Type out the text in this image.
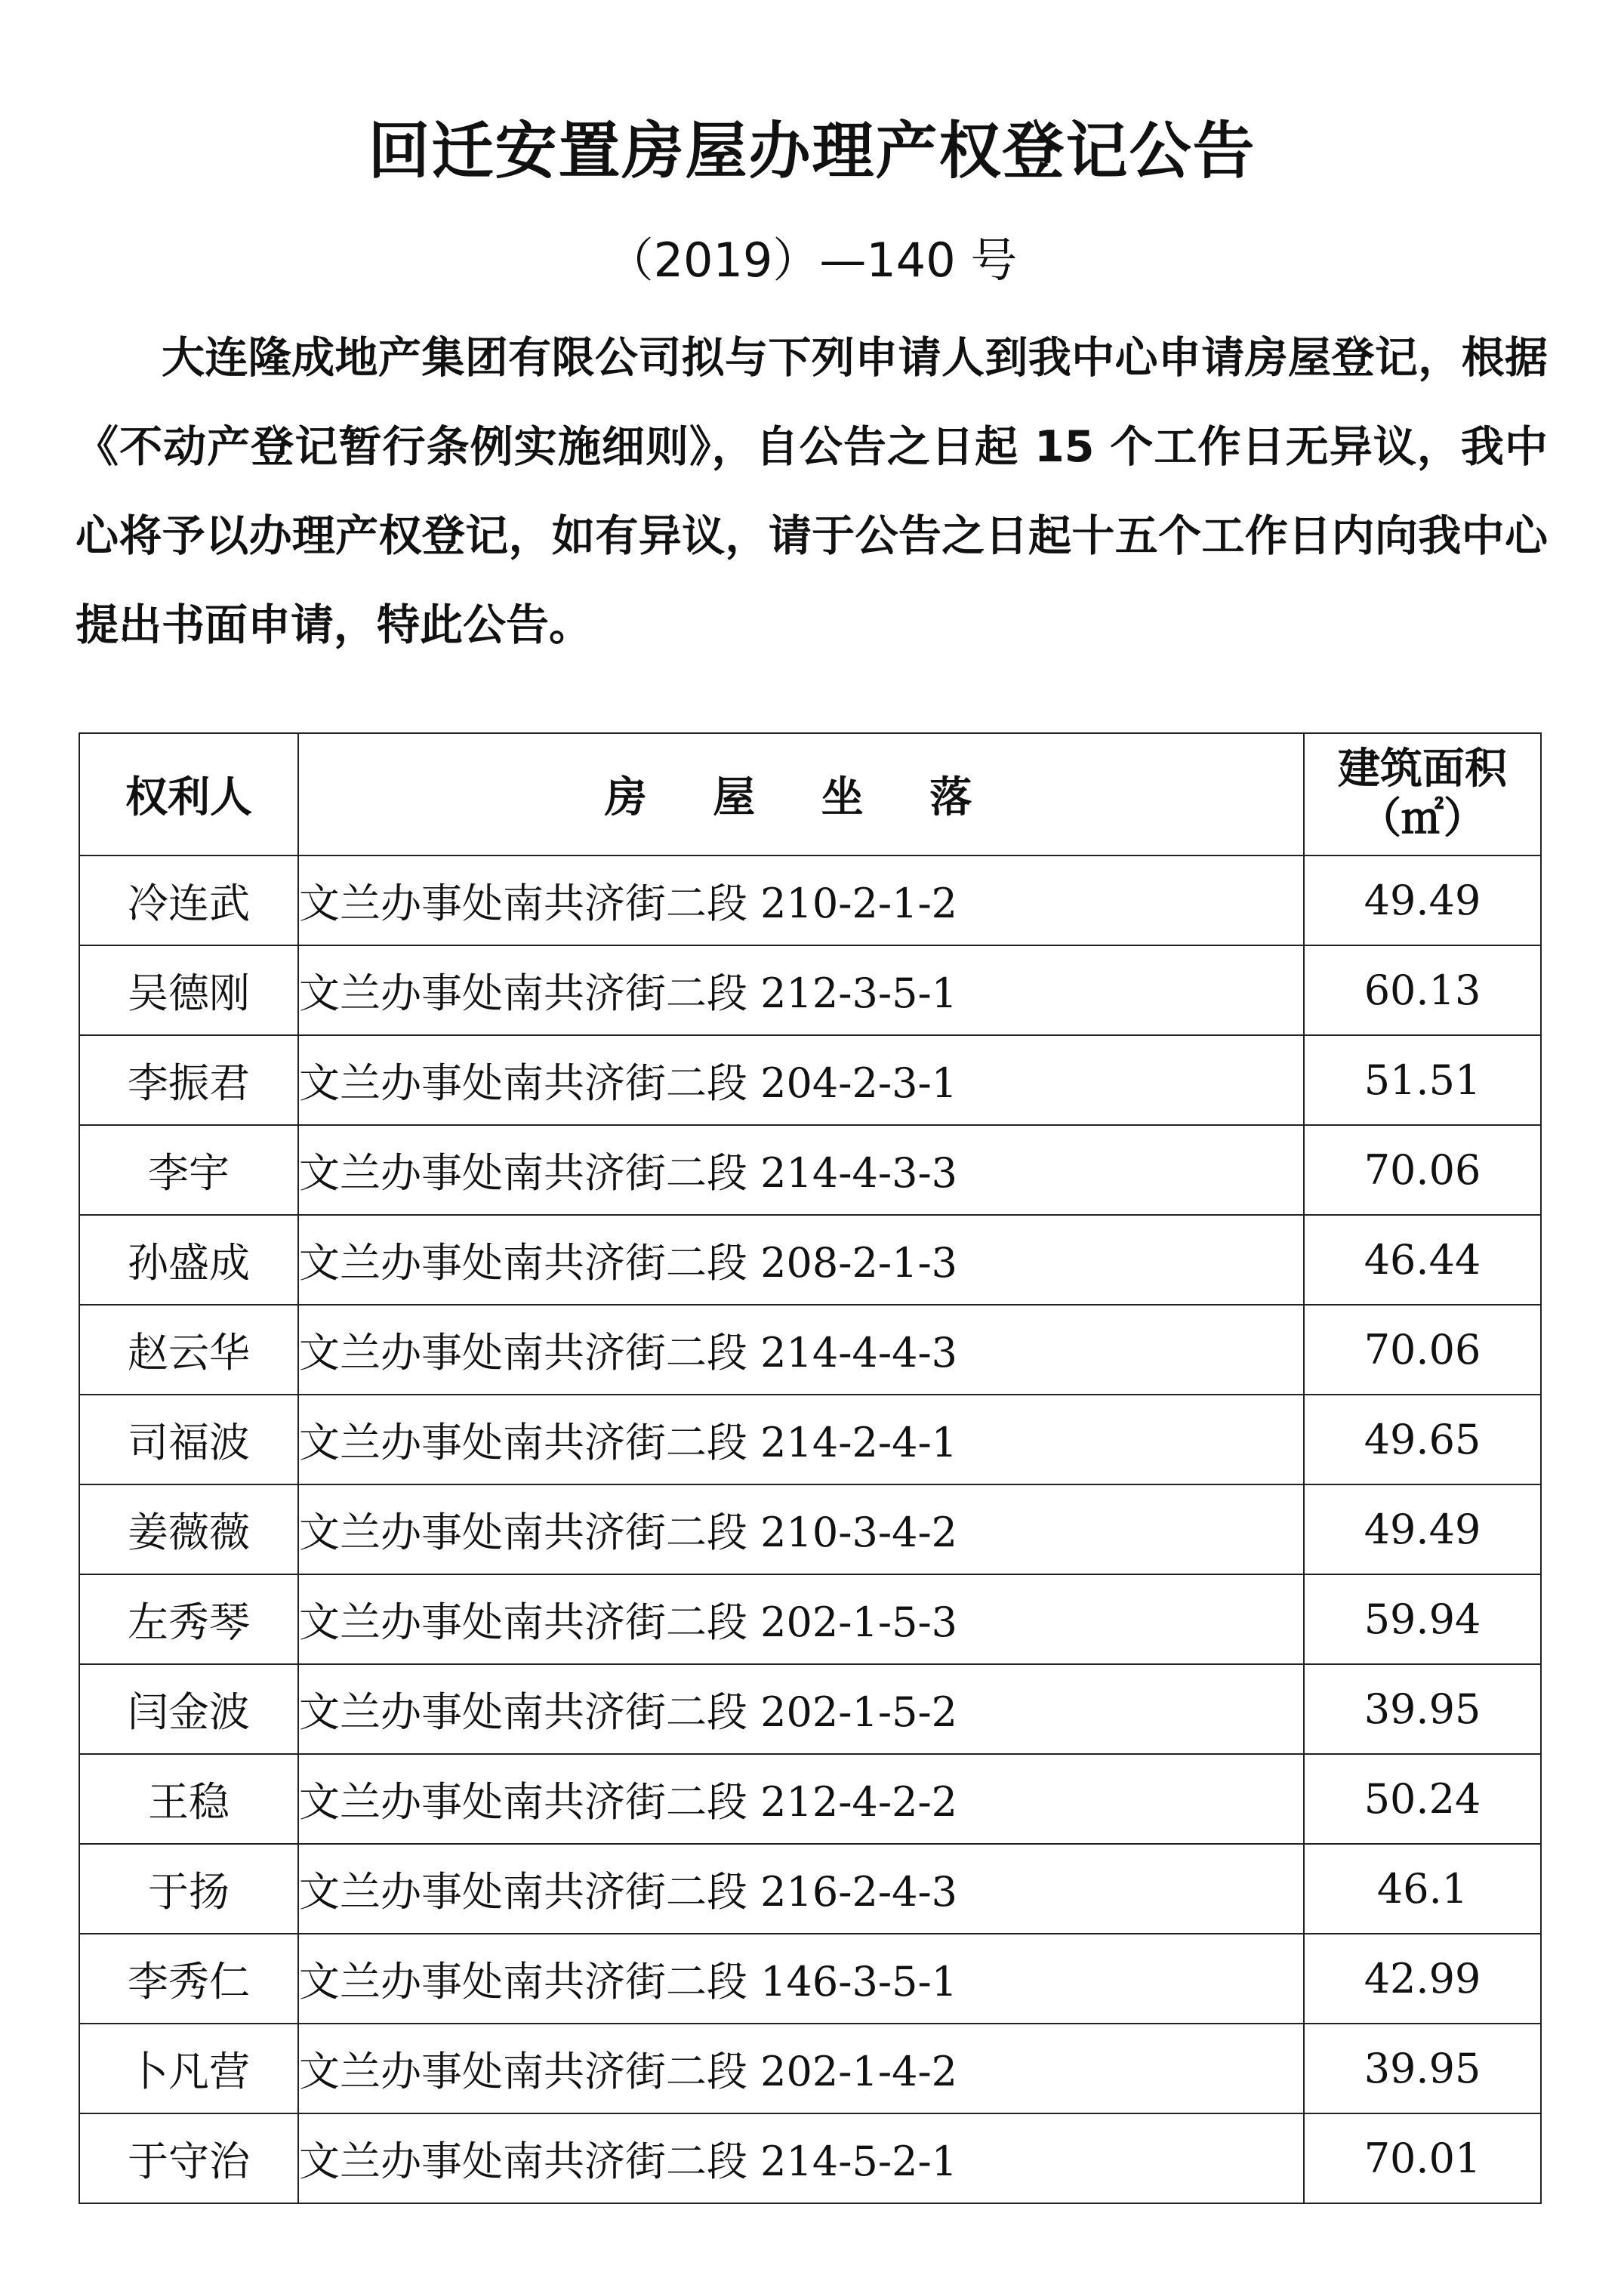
回迁安置房屋办理产权登记公告
（2019）—140 号
大连隆成地产集团有限公司拟与下列申请人到我中心申请房屋登记，根据《不动产登记暂行条例实施细则》，自公告之日起 15 个工作日无异议，我中心将予以办理产权登记，如有异议，请于公告之日起十五个工作日内向我中心提出书面申请，特此公告。
权利人	房 屋 坐 落	建筑面积
（㎡）

冷连武	文兰办事处南共济街二段 210-2-1-2	49.49
吴德刚	文兰办事处南共济街二段 212-3-5-1	60.13
李振君	文兰办事处南共济街二段 204-2-3-1	51.51
李宇	文兰办事处南共济街二段 214-4-3-3	70.06
孙盛成	文兰办事处南共济街二段 208-2-1-3	46.44
赵云华	文兰办事处南共济街二段 214-4-4-3	70.06
司福波	文兰办事处南共济街二段 214-2-4-1	49.65
姜薇薇	文兰办事处南共济街二段 210-3-4-2	49.49
左秀琴	文兰办事处南共济街二段 202-1-5-3	59.94
闫金波	文兰办事处南共济街二段 202-1-5-2	39.95
王稳	文兰办事处南共济街二段 212-4-2-2	50.24
于扬	文兰办事处南共济街二段 216-2-4-3	46.1
李秀仁	文兰办事处南共济街二段 146-3-5-1	42.99
卜凡营	文兰办事处南共济街二段 202-1-4-2	39.95
于守治	文兰办事处南共济街二段 214-5-2-1	70.01
